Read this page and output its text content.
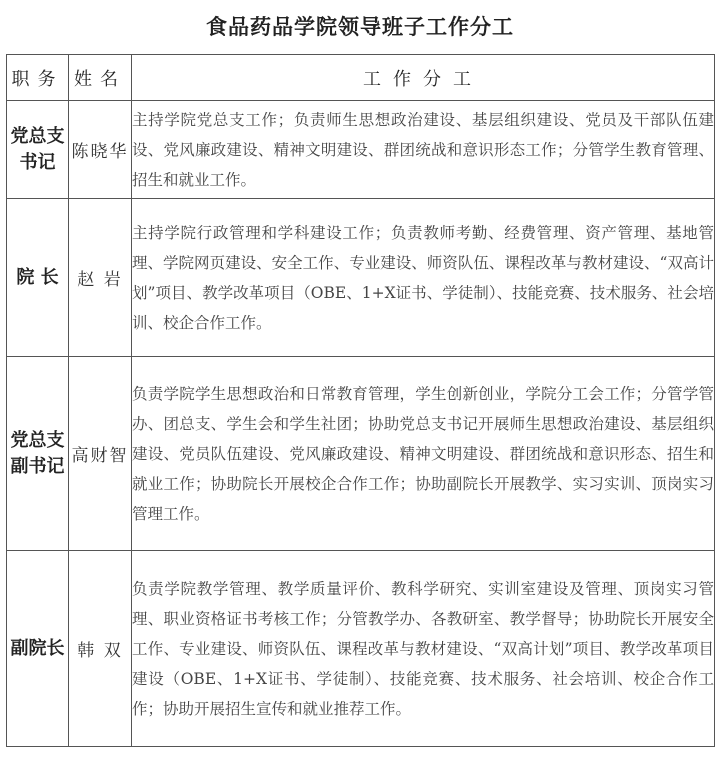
食品药品学院领导班子工作分工
职务	姓名	工作分工
党总支书记	陈晓华	主持学院党总支工作；负责师生思想政治建设、基层组织建设、党员及干部队伍建设、党风廉政建设、精神文明建设、群团统战和意识形态工作；分管学生教育管理、招生和就业工作。
院 长	赵 岩	主持学院行政管理和学科建设工作；负责教师考勤、经费管理、资产管理、基地管理、学院网页建设、安全工作、专业建设、师资队伍、课程改革与教材建设、“双高计划”项目、教学改革项目（OBE、1+X证书、学徒制）、技能竞赛、技术服务、社会培训、校企合作工作。
党总支副书记	高财智	负责学院学生思想政治和日常教育管理，学生创新创业，学院分工会工作；分管学管办、团总支、学生会和学生社团；协助党总支书记开展师生思想政治建设、基层组织建设、党员队伍建设、党风廉政建设、精神文明建设、群团统战和意识形态、招生和就业工作；协助院长开展校企合作工作；协助副院长开展教学、实习实训、顶岗实习管理工作。
副院长	韩 双	负责学院教学管理、教学质量评价、教科学研究、实训室建设及管理、顶岗实习管理、职业资格证书考核工作；分管教学办、各教研室、教学督导；协助院长开展安全工作、专业建设、师资队伍、课程改革与教材建设、“双高计划”项目、教学改革项目建设（OBE、1+X证书、学徒制）、技能竞赛、技术服务、社会培训、校企合作工作；协助开展招生宣传和就业推荐工作。
